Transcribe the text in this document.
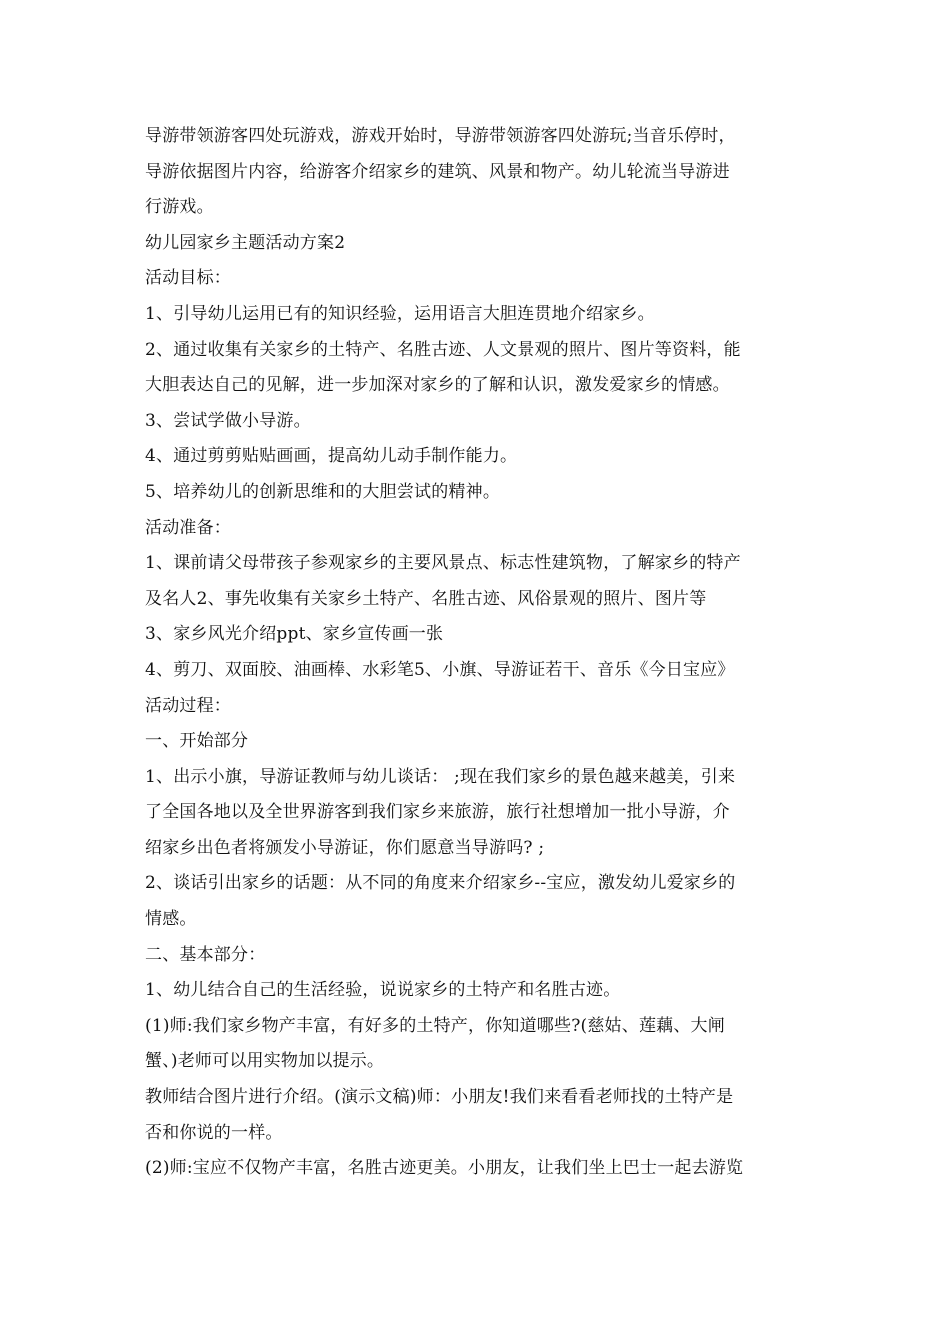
导游带领游客四处玩游戏，游戏开始时，导游带领游客四处游玩;当音乐停时，
导游依据图片内容，给游客介绍家乡的建筑、风景和物产。幼儿轮流当导游进
行游戏。
幼儿园家乡主题活动方案2
活动目标：
1、引导幼儿运用已有的知识经验，运用语言大胆连贯地介绍家乡。
2、通过收集有关家乡的土特产、名胜古迹、人文景观的照片、图片等资料，能
大胆表达自己的见解，进一步加深对家乡的了解和认识，激发爱家乡的情感。
3、尝试学做小导游。
4、通过剪剪贴贴画画，提高幼儿动手制作能力。
5、培养幼儿的创新思维和的大胆尝试的精神。
活动准备：
1、课前请父母带孩子参观家乡的主要风景点、标志性建筑物，了解家乡的特产
及名人2、事先收集有关家乡土特产、名胜古迹、风俗景观的照片、图片等
3、家乡风光介绍ppt、家乡宣传画一张
4、剪刀、双面胶、油画棒、水彩笔5、小旗、导游证若干、音乐《今日宝应》
活动过程：
一、开始部分
1、出示小旗，导游证教师与幼儿谈话： ;现在我们家乡的景色越来越美，引来
了全国各地以及全世界游客到我们家乡来旅游，旅行社想增加一批小导游，介
绍家乡出色者将颁发小导游证，你们愿意当导游吗? ;
2、谈话引出家乡的话题：从不同的角度来介绍家乡--宝应，激发幼儿爱家乡的
情感。
二、基本部分：
1、幼儿结合自己的生活经验，说说家乡的土特产和名胜古迹。
(1)师:我们家乡物产丰富，有好多的土特产，你知道哪些?(慈姑、莲藕、大闸
蟹、)老师可以用实物加以提示。
教师结合图片进行介绍。(演示文稿)师：小朋友!我们来看看老师找的土特产是
否和你说的一样。
(2)师:宝应不仅物产丰富，名胜古迹更美。小朋友，让我们坐上巴士一起去游览
